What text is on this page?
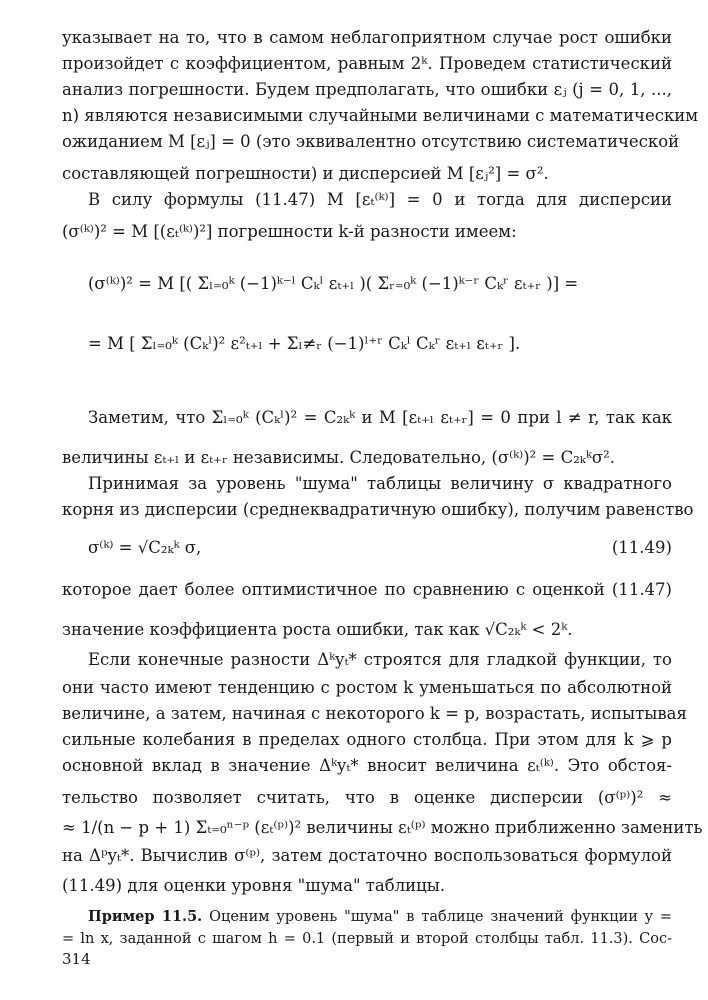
указывает на то, что в самом неблагоприятном случае рост ошибки
произойдет с коэффициентом, равным 2ᵏ. Проведем статистический
анализ погрешности. Будем предполагать, что ошибки εⱼ (j = 0, 1, ...,
n) являются независимыми случайными величинами с математическим
ожиданием M [εⱼ] = 0 (это эквивалентно отсутствию систематической
составляющей погрешности) и дисперсией M [εⱼ²] = σ².
В силу формулы (11.47) M [εₜ⁽ᵏ⁾] = 0 и тогда для дисперсии
(σ⁽ᵏ⁾)² = M [(εₜ⁽ᵏ⁾)²] погрешности k-й разности имеем:
(σ⁽ᵏ⁾)² = M [( Σₗ₌₀ᵏ (−1)ᵏ⁻ˡ Cₖˡ εₜ₊ₗ )( Σᵣ₌₀ᵏ (−1)ᵏ⁻ʳ Cₖʳ εₜ₊ᵣ )] =
= M [ Σₗ₌₀ᵏ (Cₖˡ)² ε²ₜ₊ₗ + Σₗ≠ᵣ (−1)ˡ⁺ʳ Cₖˡ Cₖʳ εₜ₊ₗ εₜ₊ᵣ ].
Заметим, что Σₗ₌₀ᵏ (Cₖˡ)² = C₂ₖᵏ и M [εₜ₊ₗ εₜ₊ᵣ] = 0 при l ≠ r, так как
величины εₜ₊ₗ и εₜ₊ᵣ независимы. Следовательно, (σ⁽ᵏ⁾)² = C₂ₖᵏσ².
Принимая за уровень "шума" таблицы величину σ квадратного
корня из дисперсии (среднеквадратичную ошибку), получим равенство
σ⁽ᵏ⁾ = √C₂ₖᵏ σ,	(11.49)
которое дает более оптимистичное по сравнению с оценкой (11.47)
значение коэффициента роста ошибки, так как √C₂ₖᵏ < 2ᵏ.
Если конечные разности Δᵏyₜ* строятся для гладкой функции, то
они часто имеют тенденцию с ростом k уменьшаться по абсолютной
величине, а затем, начиная с некоторого k = p, возрастать, испытывая
сильные колебания в пределах одного столбца. При этом для k ⩾ p
основной вклад в значение Δᵏyₜ* вносит величина εₜ⁽ᵏ⁾. Это обстоя-
тельство позволяет считать, что в оценке дисперсии (σ⁽ᵖ⁾)² ≈
≈ 1/(n − p + 1) Σₜ₌₀ⁿ⁻ᵖ (εₜ⁽ᵖ⁾)² величины εₜ⁽ᵖ⁾ можно приближенно заменить
на Δᵖyₜ*. Вычислив σ⁽ᵖ⁾, затем достаточно воспользоваться формулой
(11.49) для оценки уровня "шума" таблицы.
Пример 11.5. Оценим уровень "шума" в таблице значений функции y =
= ln x, заданной с шагом h = 0.1 (первый и второй столбцы табл. 11.3). Сос-
314
